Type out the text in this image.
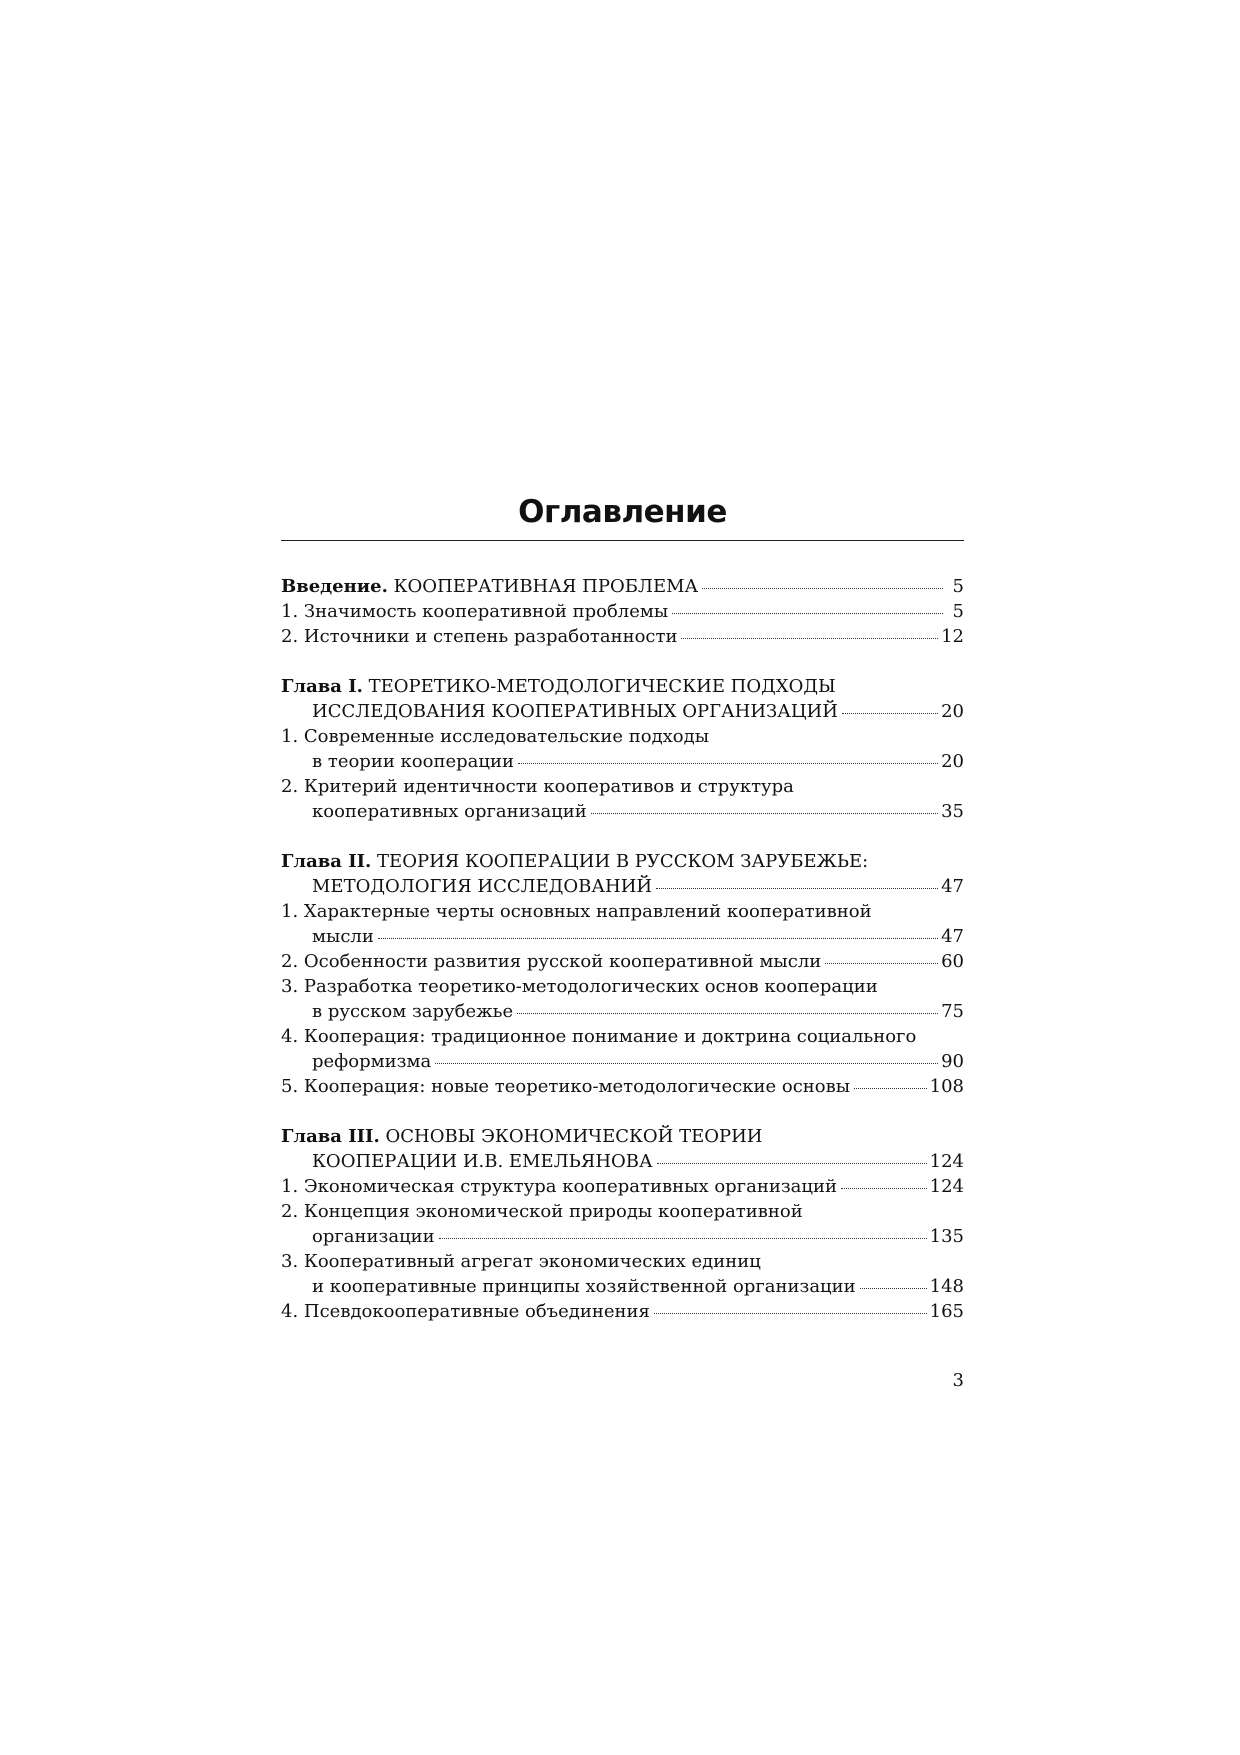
Оглавление
Введение. КООПЕРАТИВНАЯ ПРОБЛЕМА	5
1. Значимость кооперативной проблемы	5
2. Источники и степень разработанности	12
Глава I. ТЕОРЕТИКО-МЕТОДОЛОГИЧЕСКИЕ ПОДХОДЫ
ИССЛЕДОВАНИЯ КООПЕРАТИВНЫХ ОРГАНИЗАЦИЙ	20
1. Современные исследовательские подходы
в теории кооперации	20
2. Критерий идентичности кооперативов и структура
кооперативных организаций	35
Глава II. ТЕОРИЯ КООПЕРАЦИИ В РУССКОМ ЗАРУБЕЖЬЕ:
МЕТОДОЛОГИЯ ИССЛЕДОВАНИЙ	47
1. Характерные черты основных направлений кооперативной
мысли	47
2. Особенности развития русской кооперативной мысли	60
3. Разработка теоретико-методологических основ кооперации
в русском зарубежье	75
4. Кооперация: традиционное понимание и доктрина социального
реформизма	90
5. Кооперация: новые теоретико-методологические основы	108
Глава III. ОСНОВЫ ЭКОНОМИЧЕСКОЙ ТЕОРИИ
КООПЕРАЦИИ И.В. ЕМЕЛЬЯНОВА	124
1. Экономическая структура кооперативных организаций	124
2. Концепция экономической природы кооперативной
организации	135
3. Кооперативный агрегат экономических единиц
и кооперативные принципы хозяйственной организации	148
4. Псевдокооперативные объединения	165
3
